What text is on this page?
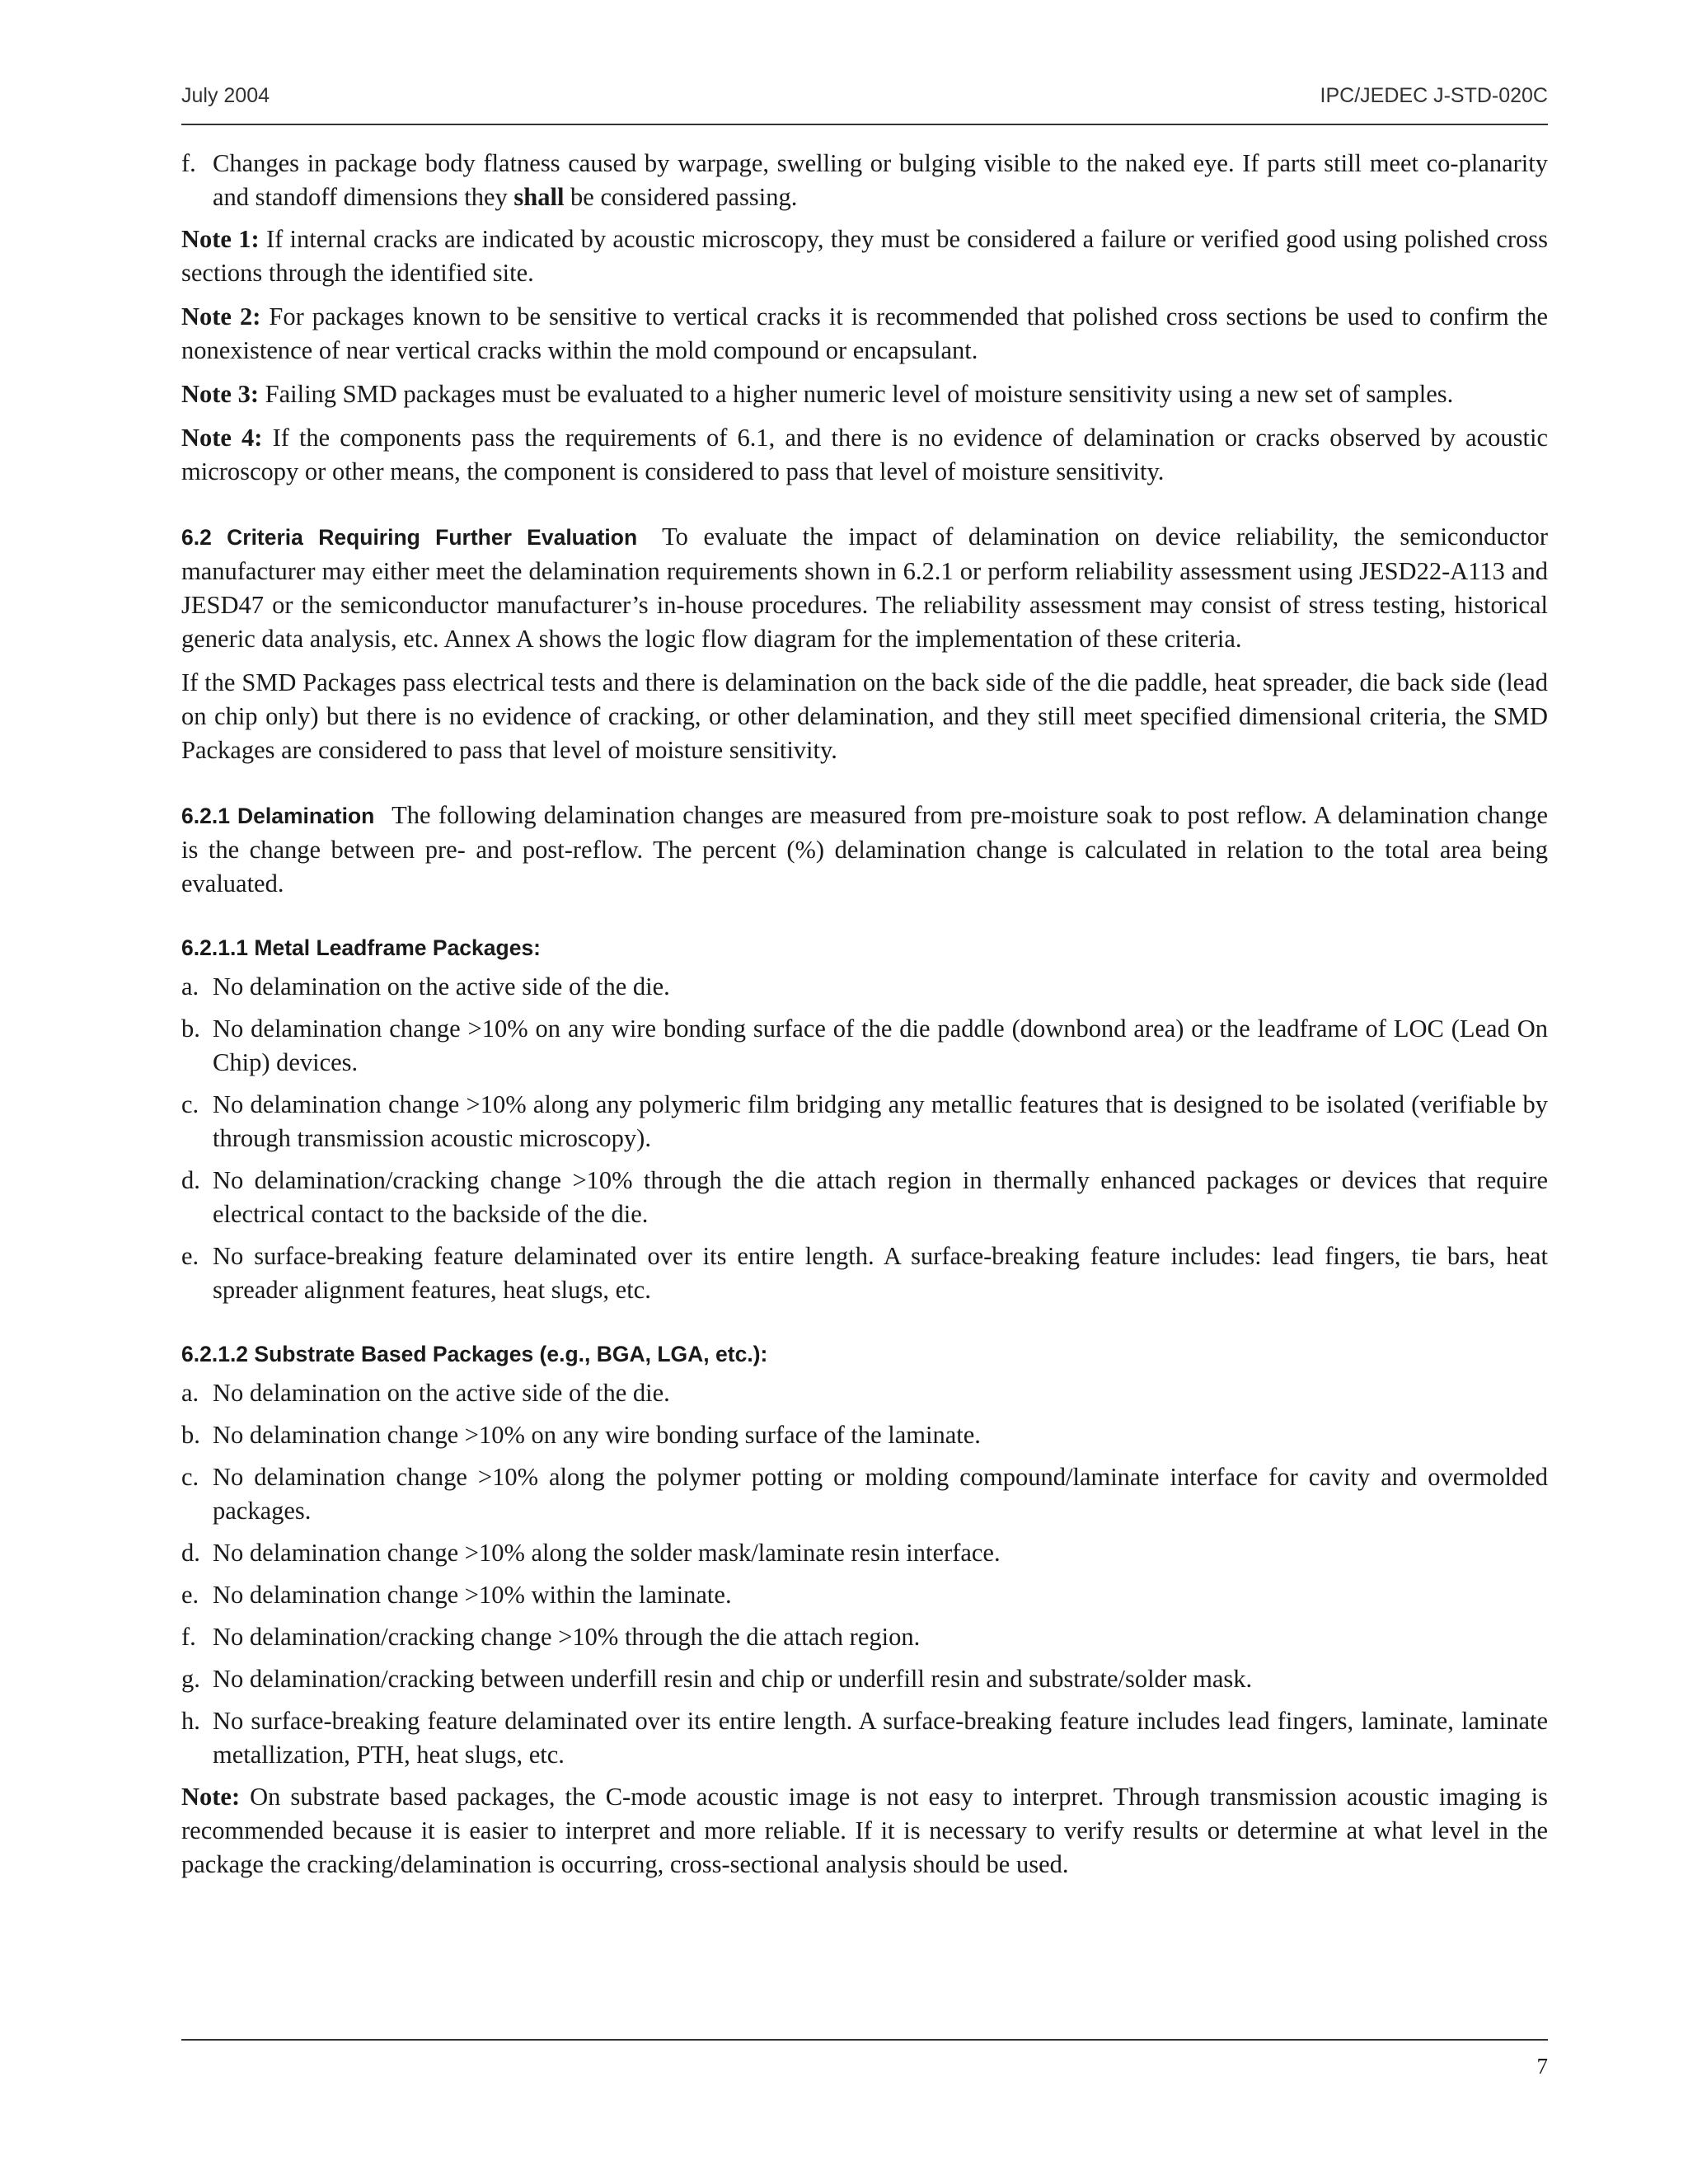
July 2004	IPC/JEDEC J-STD-020C
f. Changes in package body flatness caused by warpage, swelling or bulging visible to the naked eye. If parts still meet co-planarity and standoff dimensions they shall be considered passing.

Note 1: If internal cracks are indicated by acoustic microscopy, they must be considered a failure or verified good using polished cross sections through the identified site.

Note 2: For packages known to be sensitive to vertical cracks it is recommended that polished cross sections be used to confirm the nonexistence of near vertical cracks within the mold compound or encapsulant.

Note 3: Failing SMD packages must be evaluated to a higher numeric level of moisture sensitivity using a new set of samples.

Note 4: If the components pass the requirements of 6.1, and there is no evidence of delamination or cracks observed by acoustic microscopy or other means, the component is considered to pass that level of moisture sensitivity.

6.2 Criteria Requiring Further Evaluation To evaluate the impact of delamination on device reliability, the semiconductor manufacturer may either meet the delamination requirements shown in 6.2.1 or perform reliability assessment using JESD22-A113 and JESD47 or the semiconductor manufacturer’s in-house procedures. The reliability assessment may consist of stress testing, historical generic data analysis, etc. Annex A shows the logic flow diagram for the implementation of these criteria.

If the SMD Packages pass electrical tests and there is delamination on the back side of the die paddle, heat spreader, die back side (lead on chip only) but there is no evidence of cracking, or other delamination, and they still meet specified dimensional criteria, the SMD Packages are considered to pass that level of moisture sensitivity.

6.2.1 Delamination The following delamination changes are measured from pre-moisture soak to post reflow. A delamination change is the change between pre- and post-reflow. The percent (%) delamination change is calculated in relation to the total area being evaluated.

6.2.1.1 Metal Leadframe Packages:
a. No delamination on the active side of the die.
b. No delamination change >10% on any wire bonding surface of the die paddle (downbond area) or the leadframe of LOC (Lead On Chip) devices.
c. No delamination change >10% along any polymeric film bridging any metallic features that is designed to be isolated (verifiable by through transmission acoustic microscopy).
d. No delamination/cracking change >10% through the die attach region in thermally enhanced packages or devices that require electrical contact to the backside of the die.
e. No surface-breaking feature delaminated over its entire length. A surface-breaking feature includes: lead fingers, tie bars, heat spreader alignment features, heat slugs, etc.
6.2.1.2 Substrate Based Packages (e.g., BGA, LGA, etc.):
a. No delamination on the active side of the die.
b. No delamination change >10% on any wire bonding surface of the laminate.
c. No delamination change >10% along the polymer potting or molding compound/laminate interface for cavity and overmolded packages.
d. No delamination change >10% along the solder mask/laminate resin interface.
e. No delamination change >10% within the laminate.
f. No delamination/cracking change >10% through the die attach region.
g. No delamination/cracking between underfill resin and chip or underfill resin and substrate/solder mask.
h. No surface-breaking feature delaminated over its entire length. A surface-breaking feature includes lead fingers, laminate, laminate metallization, PTH, heat slugs, etc.

Note: On substrate based packages, the C-mode acoustic image is not easy to interpret. Through transmission acoustic imaging is recommended because it is easier to interpret and more reliable. If it is necessary to verify results or determine at what level in the package the cracking/delamination is occurring, cross-sectional analysis should be used.

7
